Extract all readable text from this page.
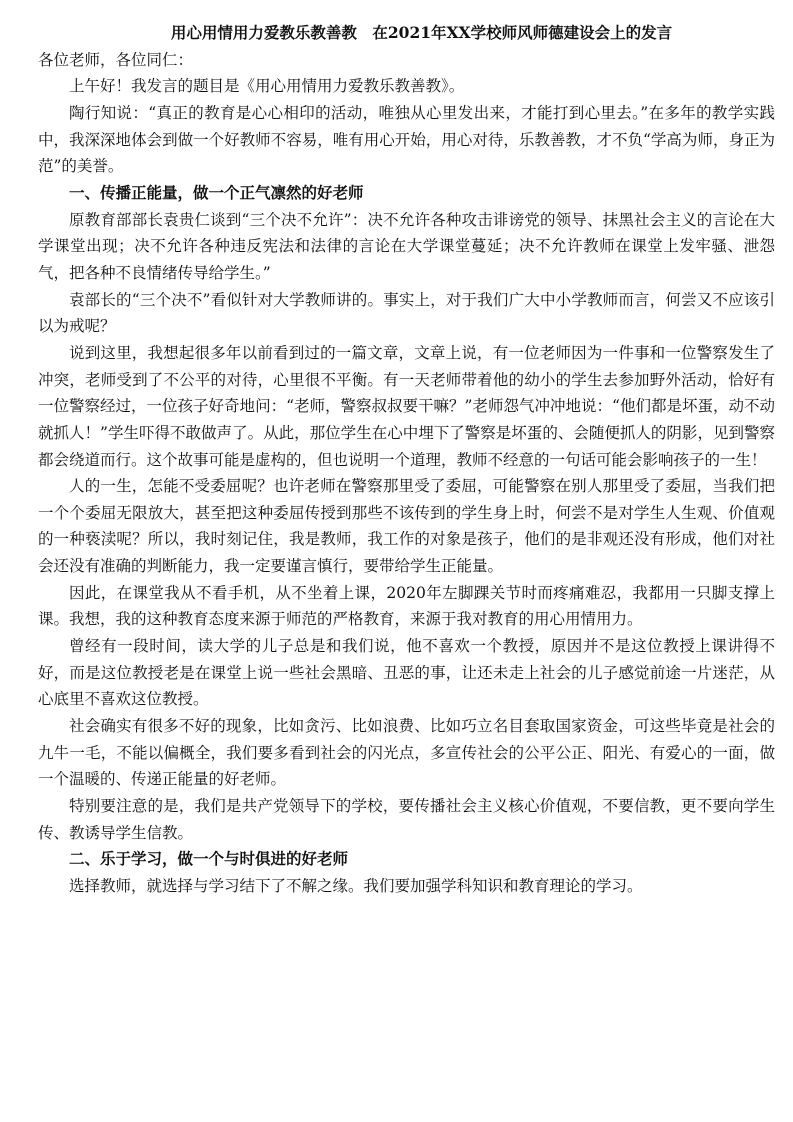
用心用情用力爱教乐教善教　在2021年XX学校师风师德建设会上的发言

各位老师，各位同仁：

上午好！我发言的题目是《用心用情用力爱教乐教善教》。

陶行知说：“真正的教育是心心相印的活动，唯独从心里发出来，才能打到心里去。”在多年的教学实践中，我深深地体会到做一个好教师不容易，唯有用心开始，用心对待，乐教善教，才不负“学高为师，身正为范”的美誉。

一、传播正能量，做一个正气凛然的好老师

原教育部部长袁贵仁谈到“三个决不允许”：决不允许各种攻击诽谤党的领导、抹黑社会主义的言论在大学课堂出现；决不允许各种违反宪法和法律的言论在大学课堂蔓延；决不允许教师在课堂上发牢骚、泄怨气，把各种不良情绪传导给学生。”

袁部长的“三个决不”看似针对大学教师讲的。事实上，对于我们广大中小学教师而言，何尝又不应该引以为戒呢？

说到这里，我想起很多年以前看到过的一篇文章，文章上说，有一位老师因为一件事和一位警察发生了冲突，老师受到了不公平的对待，心里很不平衡。有一天老师带着他的幼小的学生去参加野外活动，恰好有一位警察经过，一位孩子好奇地问：“老师，警察叔叔要干嘛？”老师怨气冲冲地说：“他们都是坏蛋，动不动就抓人！”学生吓得不敢做声了。从此，那位学生在心中埋下了警察是坏蛋的、会随便抓人的阴影，见到警察都会绕道而行。这个故事可能是虚构的，但也说明一个道理，教师不经意的一句话可能会影响孩子的一生！

人的一生，怎能不受委屈呢？也许老师在警察那里受了委屈，可能警察在别人那里受了委屈，当我们把一个个委屈无限放大，甚至把这种委屈传授到那些不该传到的学生身上时，何尝不是对学生人生观、价值观的一种亵渎呢？所以，我时刻记住，我是教师，我工作的对象是孩子，他们的是非观还没有形成，他们对社会还没有准确的判断能力，我一定要谨言慎行，要带给学生正能量。

因此，在课堂我从不看手机，从不坐着上课，2020年左脚踝关节时而疼痛难忍，我都用一只脚支撑上课。我想，我的这种教育态度来源于师范的严格教育，来源于我对教育的用心用情用力。

曾经有一段时间，读大学的儿子总是和我们说，他不喜欢一个教授，原因并不是这位教授上课讲得不好，而是这位教授老是在课堂上说一些社会黑暗、丑恶的事，让还未走上社会的儿子感觉前途一片迷茫，从心底里不喜欢这位教授。

社会确实有很多不好的现象，比如贪污、比如浪费、比如巧立名目套取国家资金，可这些毕竟是社会的九牛一毛，不能以偏概全，我们要多看到社会的闪光点，多宣传社会的公平公正、阳光、有爱心的一面，做一个温暖的、传递正能量的好老师。

特别要注意的是，我们是共产党领导下的学校，要传播社会主义核心价值观，不要信教，更不要向学生传、教诱导学生信教。

二、乐于学习，做一个与时俱进的好老师

选择教师，就选择与学习结下了不解之缘。我们要加强学科知识和教育理论的学习。
